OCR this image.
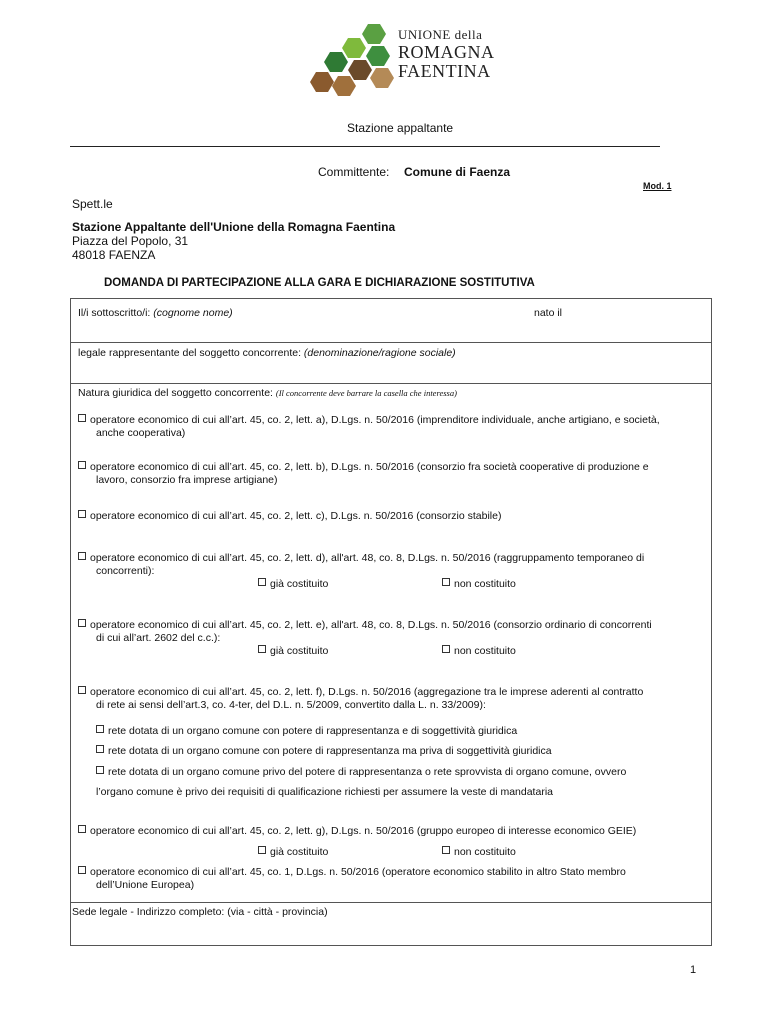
UNIONE della
ROMAGNA
FAENTINA
Stazione appaltante
Committente: Comune di Faenza
Mod. 1
Spett.le
Stazione Appaltante dell'Unione della Romagna Faentina
Piazza del Popolo, 31
48018 FAENZA
DOMANDA DI PARTECIPAZIONE ALLA GARA E DICHIARAZIONE SOSTITUTIVA
Il/i sottoscritto/i: (cognome nome)	nato il
legale rappresentante del soggetto concorrente: (denominazione/ragione sociale)
Natura giuridica del soggetto concorrente: (Il concorrente deve barrare la casella che interessa)
operatore economico di cui all’art. 45, co. 2, lett. a), D.Lgs. n. 50/2016 (imprenditore individuale, anche artigiano, e società,
anche cooperativa)
operatore economico di cui all’art. 45, co. 2, lett. b), D.Lgs. n. 50/2016 (consorzio fra società cooperative di produzione e
lavoro, consorzio fra imprese artigiane)
operatore economico di cui all’art. 45, co. 2, lett. c), D.Lgs. n. 50/2016 (consorzio stabile)
operatore economico di cui all’art. 45, co. 2, lett. d), all'art. 48, co. 8, D.Lgs. n. 50/2016 (raggruppamento temporaneo di
concorrenti):
già costituito	non costituito
operatore economico di cui all’art. 45, co. 2, lett. e), all'art. 48, co. 8, D.Lgs. n. 50/2016 (consorzio ordinario di concorrenti
di cui all’art. 2602 del c.c.):
già costituito	non costituito
operatore economico di cui all’art. 45, co. 2, lett. f), D.Lgs. n. 50/2016 (aggregazione tra le imprese aderenti al contratto
di rete ai sensi dell’art.3, co. 4-ter, del D.L. n. 5/2009, convertito dalla L. n. 33/2009):
rete dotata di un organo comune con potere di rappresentanza e di soggettività giuridica
rete dotata di un organo comune con potere di rappresentanza ma priva di soggettività giuridica
rete dotata di un organo comune privo del potere di rappresentanza o rete sprovvista di organo comune, ovvero
l’organo comune è privo dei requisiti di qualificazione richiesti per assumere la veste di mandataria
operatore economico di cui all’art. 45, co. 2, lett. g), D.Lgs. n. 50/2016 (gruppo europeo di interesse economico GEIE)
già costituito	non costituito
operatore economico di cui all’art. 45, co. 1, D.Lgs. n. 50/2016 (operatore economico stabilito in altro Stato membro
dell’Unione Europea)
Sede legale - Indirizzo completo: (via - città - provincia)
1
